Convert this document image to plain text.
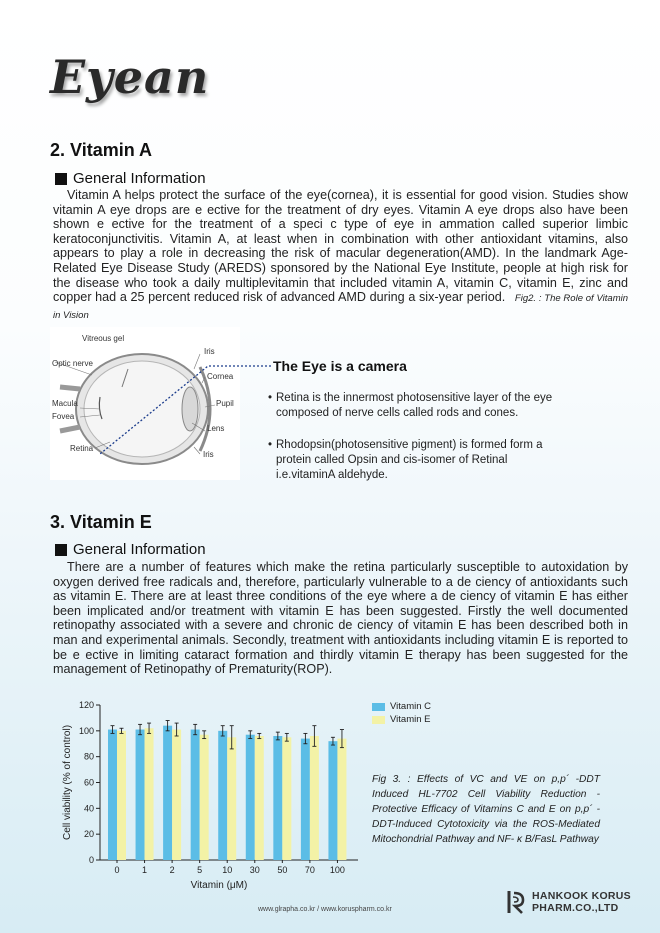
Eyean
2. Vitamin A
General Information
Vitamin A helps protect the surface of the eye(cornea), it is essential for good vision. Studies show vitamin A eye drops are e ective for the treatment of dry eyes. Vitamin A eye drops also have been shown e ective for the treatment of a speci c type of eye in ammation called superior limbic keratoconjunctivitis. Vitamin A, at least when in combination with other antioxidant vitamins, also appears to play a role in decreasing the risk of macular degeneration(AMD). In the landmark Age-Related Eye Disease Study (AREDS) sponsored by the National Eye Institute, people at high risk for the disease who took a daily multiplevitamin that included vitamin A, vitamin C, vitamin E, zinc and copper had a 25 percent reduced risk of advanced AMD during a six-year period. Fig2. : The Role of Vitamin in Vision
Vitreous gel
Optic nerve
Macula
Fovea
Retina
Iris
Cornea
Pupil
Lens
Iris
The Eye is a camera
• Retina is the innermost photosensitive layer of the eye
composed of nerve cells called rods and cones.
• Rhodopsin(photosensitive pigment) is formed form a
protein called Opsin and cis-isomer of Retinal
i.e.vitaminA aldehyde.
3. Vitamin E
General Information
There are a number of features which make the retina particularly susceptible to autoxidation by oxygen derived free radicals and, therefore, particularly vulnerable to a de ciency of antioxidants such as vitamin E. There are at least three conditions of the eye where a de ciency of vitamin E has either been implicated and/or treatment with vitamin E has been suggested. Firstly the well documented retinopathy associated with a severe and chronic de ciency of vitamin E has been described both in man and experimental animals. Secondly, treatment with antioxidants including vitamin E is reported to be e ective in limiting cataract formation and thirdly vitamin E therapy has been suggested for the management of Retinopathy of Prematurity(ROP).
0
20
40
60
80
100
120
0	1	2	5 10 30 50 70 100
Vitamin (μM)
Cell viability (% of control)
Vitamin C
Vitamin E
Fig 3. : Effects of VC and VE on p,p´ -DDT Induced HL-7702 Cell Viability Reduction - Protective Efficacy of Vitamins C and E on p,p´ -DDT-Induced Cytotoxicity via the ROS-Mediated Mitochondrial Pathway and NF- κ B/FasL Pathway
www.glrapha.co.kr / www.koruspharm.co.kr
HANKOOK KORUS
PHARM.CO.,LTD
